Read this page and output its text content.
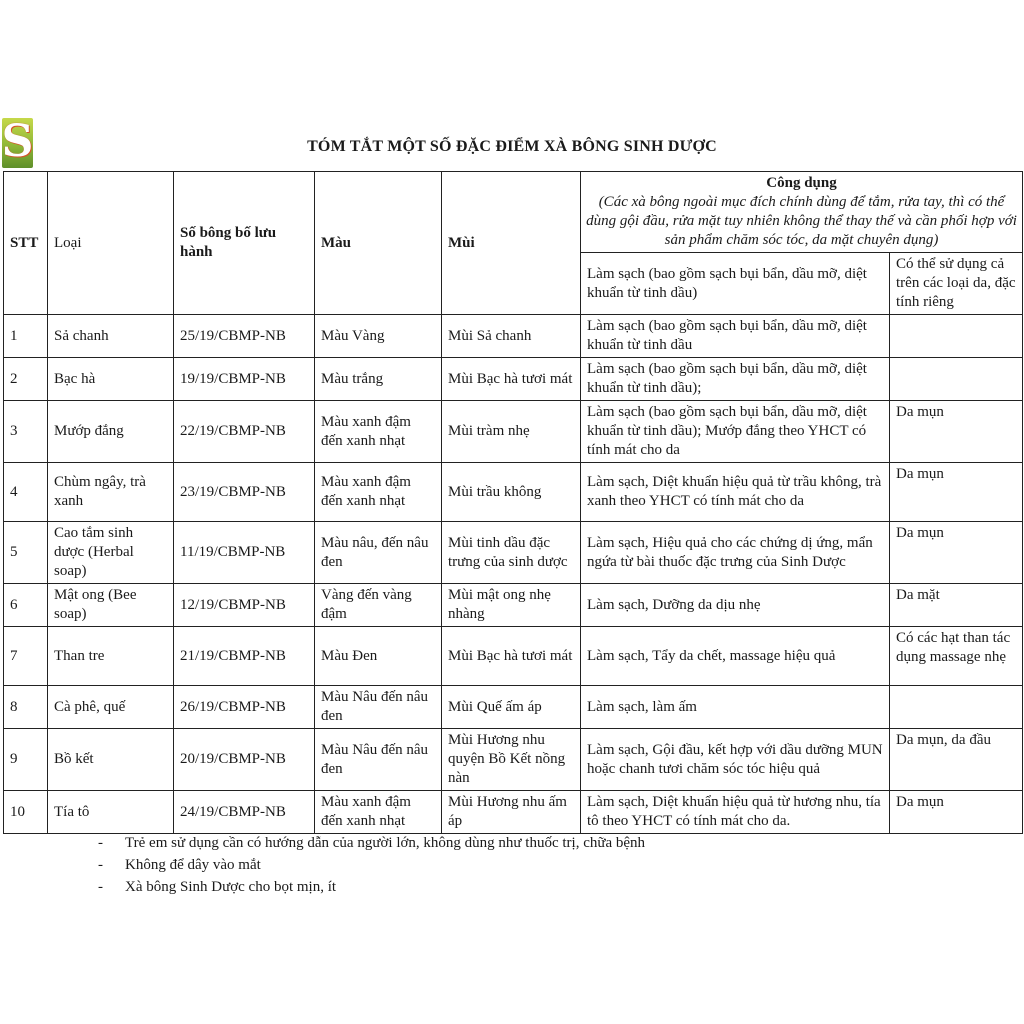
S	TÓM TẮT MỘT SỐ ĐẶC ĐIỂM XÀ BÔNG SINH DƯỢC
STT	Loại	Số bông bố lưu hành	Màu	Mùi	Công dụng
(Các xà bông ngoài mục đích chính dùng để tắm, rửa tay, thì có thể dùng gội đầu, rửa mặt tuy nhiên không thể thay thế và cần phối hợp với sản phẩm chăm sóc tóc, da mặt chuyên dụng)	

					Làm sạch (bao gồm sạch bụi bẩn, dầu mỡ, diệt khuẩn từ tinh dầu)	Có thể sử dụng cả trên các loại da, đặc tính riêng
1	Sả chanh	25/19/CBMP-NB	Màu Vàng	Mùi Sả chanh	Làm sạch (bao gồm sạch bụi bẩn, dầu mỡ, diệt khuẩn từ tinh dầu	
2	Bạc hà	19/19/CBMP-NB	Màu trắng	Mùi Bạc hà tươi mát	Làm sạch (bao gồm sạch bụi bẩn, dầu mỡ, diệt khuẩn từ tinh dầu);	
3	Mướp đắng	22/19/CBMP-NB	Màu xanh đậm đến xanh nhạt	Mùi tràm nhẹ	Làm sạch (bao gồm sạch bụi bẩn, dầu mỡ, diệt khuẩn từ tinh dầu); Mướp đắng theo YHCT có tính mát cho da	Da mụn
4	Chùm ngây, trà xanh	23/19/CBMP-NB	Màu xanh đậm đến xanh nhạt	Mùi trầu không	Làm sạch, Diệt khuẩn hiệu quả từ trầu không, trà xanh theo YHCT có tính mát cho da	Da mụn
5	Cao tắm sinh dược (Herbal soap)	11/19/CBMP-NB	Màu nâu, đến nâu đen	Mùi tinh dầu đặc trưng của sinh dược	Làm sạch, Hiệu quả cho các chứng dị ứng, mẩn ngứa từ bài thuốc đặc trưng của Sinh Dược	Da mụn
6	Mật ong (Bee soap)	12/19/CBMP-NB	Vàng đến vàng đậm	Mùi mật ong nhẹ nhàng	Làm sạch, Dưỡng da dịu nhẹ	Da mặt
7	Than tre	21/19/CBMP-NB	Màu Đen	Mùi Bạc hà tươi mát	Làm sạch, Tẩy da chết, massage hiệu quả	Có các hạt than tác dụng massage nhẹ
8	Cà phê, quế	26/19/CBMP-NB	Màu Nâu đến nâu đen	Mùi Quế ấm áp	Làm sạch, làm ấm	
9	Bồ kết	20/19/CBMP-NB	Màu Nâu đến nâu đen	Mùi Hương nhu quyện Bồ Kết nồng nàn	Làm sạch, Gội đầu, kết hợp với dầu dưỡng MUN hoặc chanh tươi chăm sóc tóc hiệu quả	Da mụn, da đầu
10	Tía tô	24/19/CBMP-NB	Màu xanh đậm đến xanh nhạt	Mùi Hương nhu ấm áp	Làm sạch, Diệt khuẩn hiệu quả từ hương nhu, tía tô theo YHCT có tính mát cho da.	Da mụn
- Trẻ em sử dụng cần có hướng dẫn của người lớn, không dùng như thuốc trị, chữa bệnh
- Không để dây vào mắt
- Xà bông Sinh Dược cho bọt mịn, ít
